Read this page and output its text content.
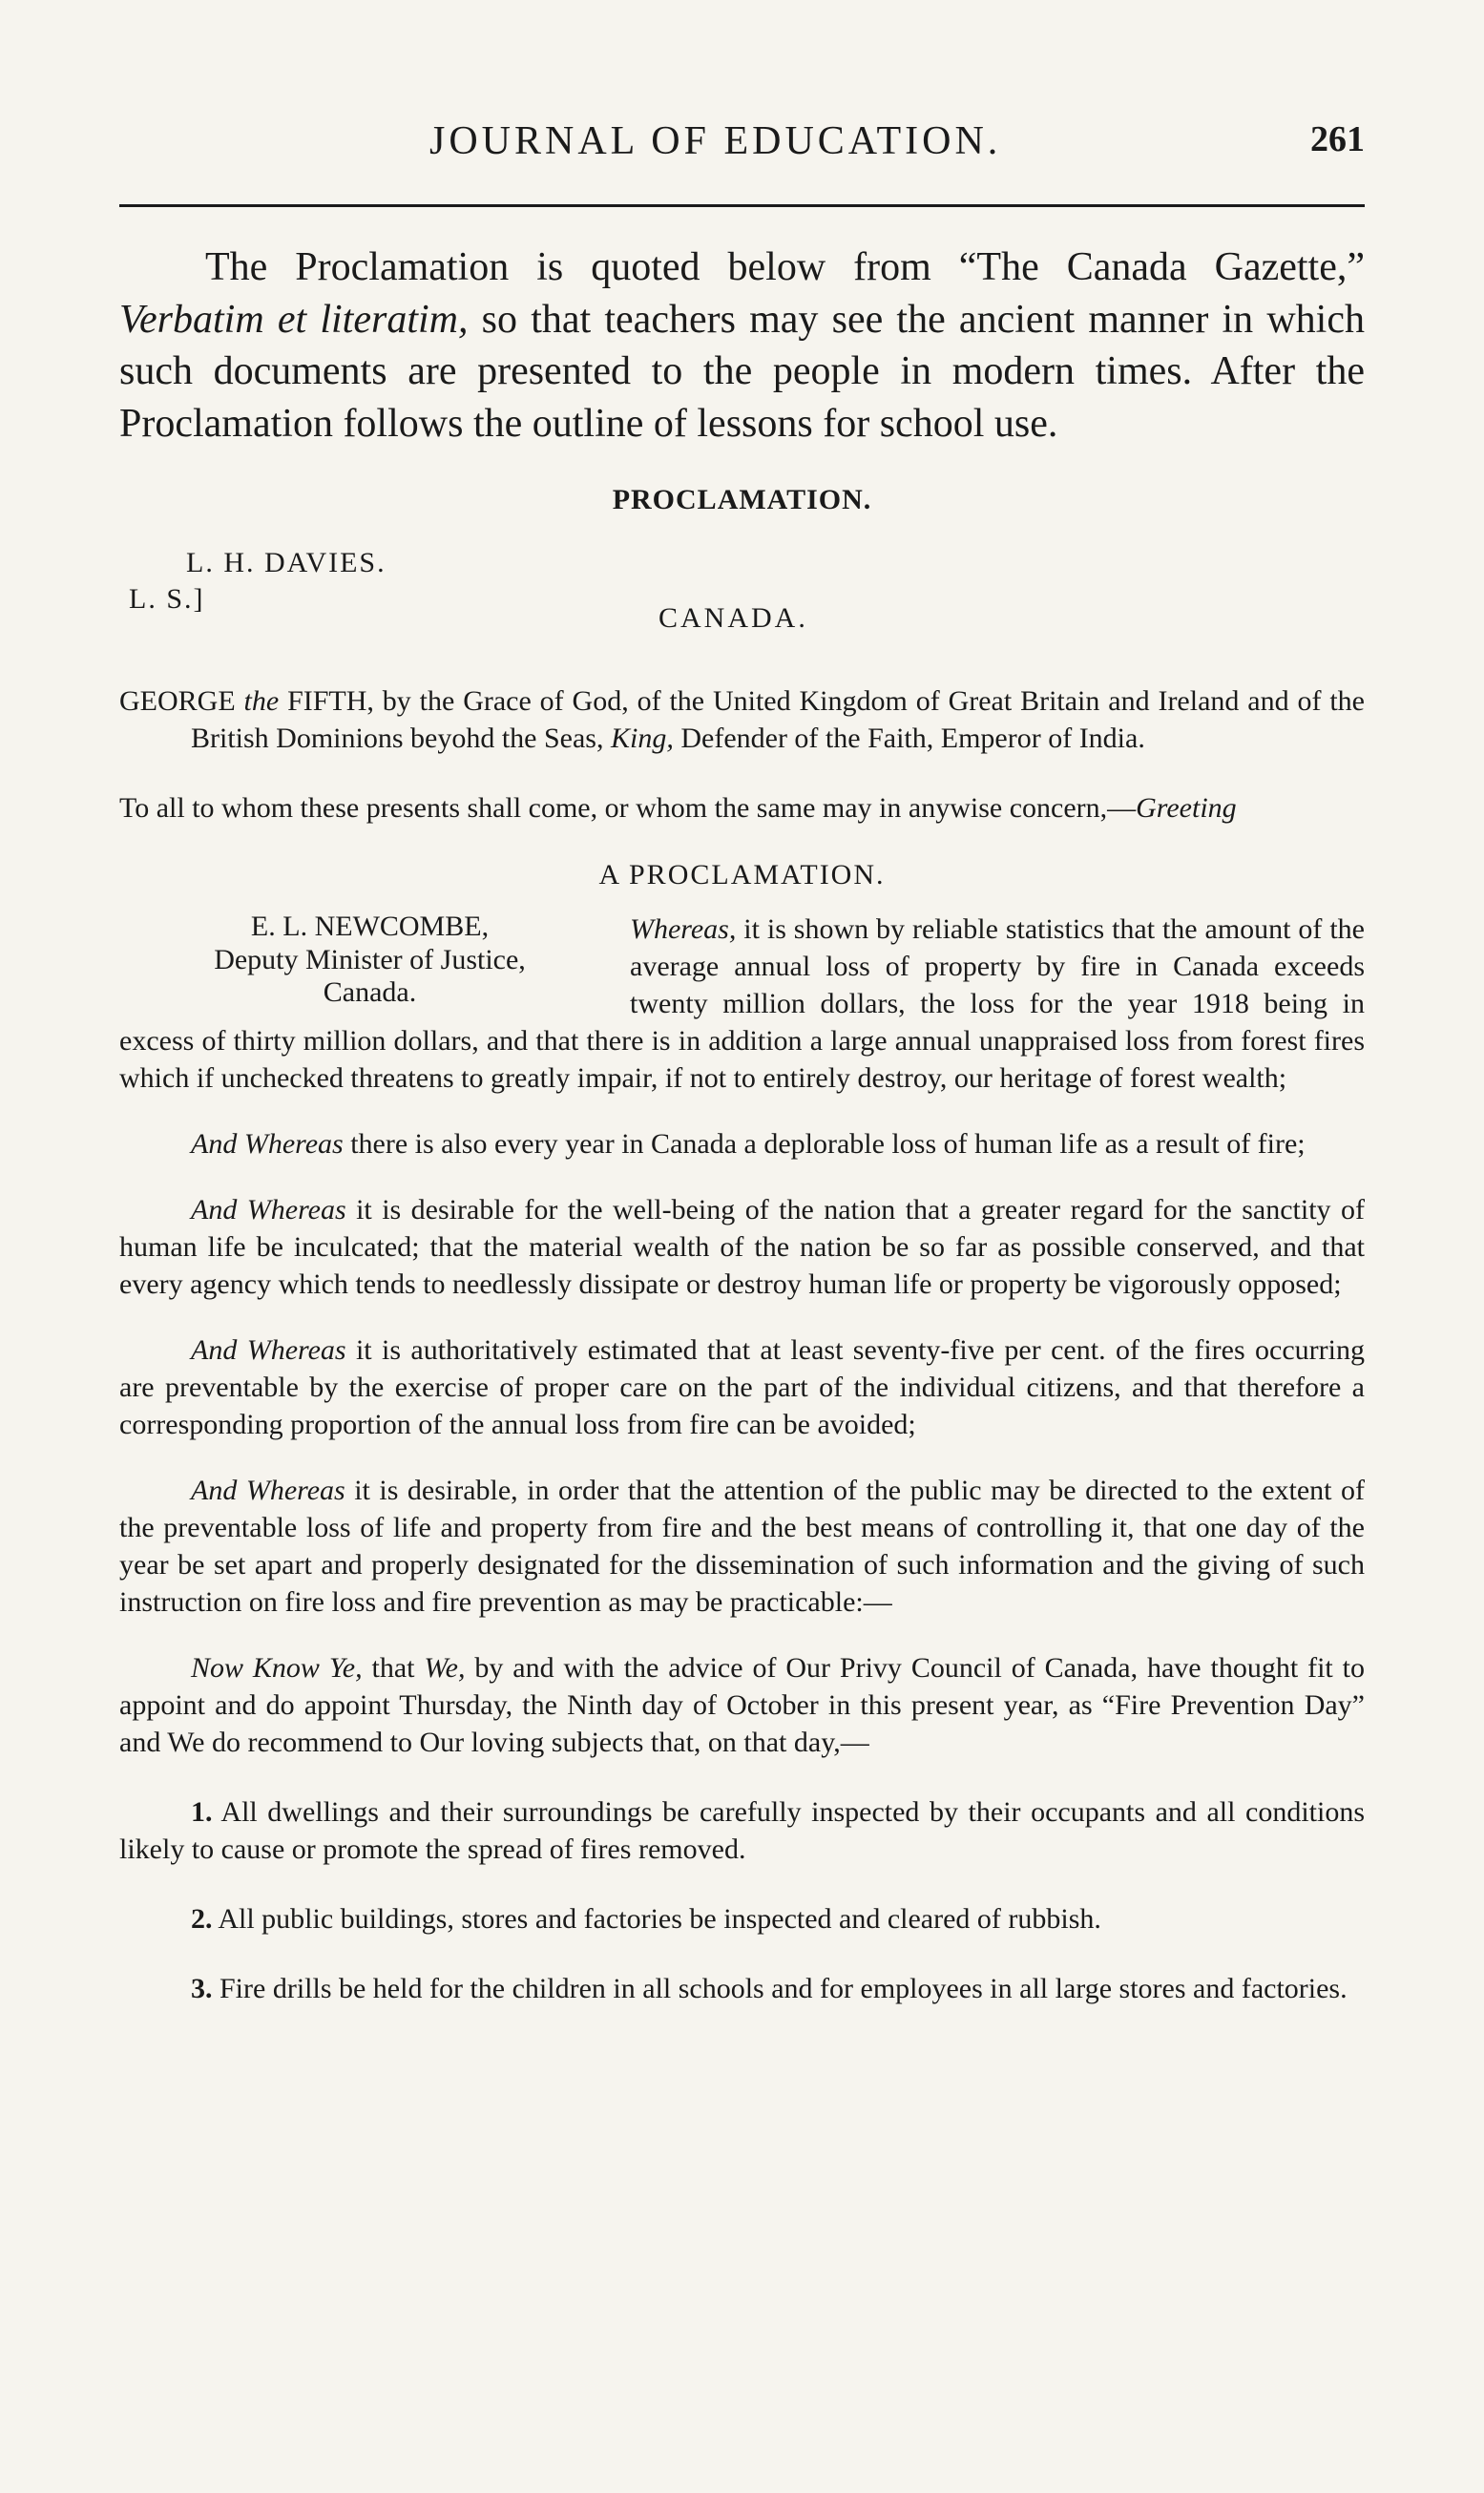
JOURNAL OF EDUCATION.	261

The Proclamation is quoted below from “The Canada Gazette,” Verbatim et literatim, so that teachers may see the ancient manner in which such documents are presented to the people in modern times. After the Proclamation follows the outline of lessons for school use.

PROCLAMATION.
L. H. DAVIES.
L. S.]
CANADA.

GEORGE the FIFTH, by the Grace of God, of the United Kingdom of Great Britain and Ireland and of the British Dominions beyohd the Seas, King, Defender of the Faith, Emperor of India.

To all to whom these presents shall come, or whom the same may in anywise concern,—Greeting

A PROCLAMATION.
E. L. NEWCOMBE,
Deputy Minister of Justice,
Canada.
Whereas, it is shown by reliable statistics that the amount of the average annual loss of property by fire in Canada exceeds twenty million dollars, the loss for the year 1918 being in excess of thirty million dollars, and that there is in addition a large annual unappraised loss from forest fires which if unchecked threatens to greatly impair, if not to entirely destroy, our heritage of forest wealth;

And Whereas there is also every year in Canada a deplorable loss of human life as a result of fire;

And Whereas it is desirable for the well-being of the nation that a greater regard for the sanctity of human life be inculcated; that the material wealth of the nation be so far as possible conserved, and that every agency which tends to needlessly dissipate or destroy human life or property be vigorously opposed;

And Whereas it is authoritatively estimated that at least seventy-five per cent. of the fires occurring are preventable by the exercise of proper care on the part of the individual citizens, and that therefore a corresponding proportion of the annual loss from fire can be avoided;

And Whereas it is desirable, in order that the attention of the public may be directed to the extent of the preventable loss of life and property from fire and the best means of controlling it, that one day of the year be set apart and properly designated for the dissemination of such information and the giving of such instruction on fire loss and fire prevention as may be practicable:—

Now Know Ye, that We, by and with the advice of Our Privy Council of Canada, have thought fit to appoint and do appoint Thursday, the Ninth day of October in this present year, as “Fire Prevention Day” and We do recommend to Our loving subjects that, on that day,—

1. All dwellings and their surroundings be carefully inspected by their occupants and all conditions likely to cause or promote the spread of fires removed.

2. All public buildings, stores and factories be inspected and cleared of rubbish.

3. Fire drills be held for the children in all schools and for employees in all large stores and factories.
